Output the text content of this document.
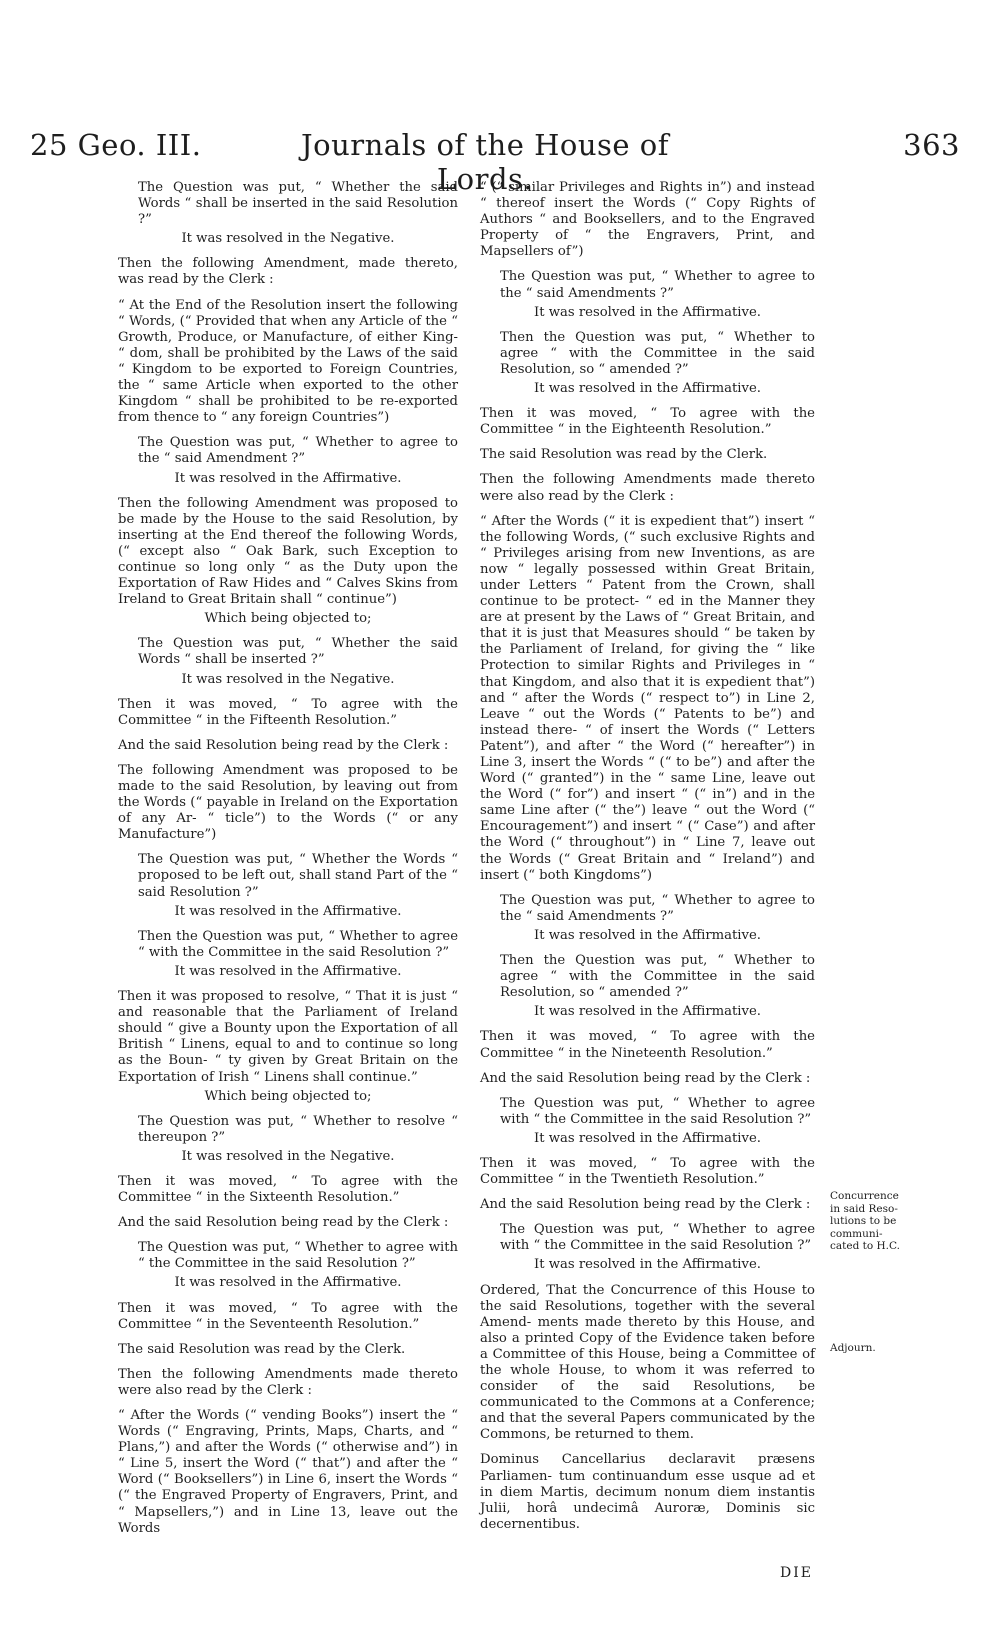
25 Geo. III.	Journals of the House of Lords.
363

The Question was put, “ Whether the said Words “ shall be inserted in the said Resolution ?”

It was resolved in the Negative.

Then the following Amendment, made thereto, was read by the Clerk :

“ At the End of the Resolution insert the following “ Words, (“ Provided that when any Article of the “ Growth, Produce, or Manufacture, of either King- “ dom, shall be prohibited by the Laws of the said “ Kingdom to be exported to Foreign Countries, the “ same Article when exported to the other Kingdom “ shall be prohibited to be re-exported from thence to “ any foreign Countries”)

The Question was put, “ Whether to agree to the “ said Amendment ?”

It was resolved in the Affirmative.

Then the following Amendment was proposed to be made by the House to the said Resolution, by inserting at the End thereof the following Words, (“ except also “ Oak Bark, such Exception to continue so long only “ as the Duty upon the Exportation of Raw Hides and “ Calves Skins from Ireland to Great Britain shall “ continue”)

Which being objected to;

The Question was put, “ Whether the said Words “ shall be inserted ?”

It was resolved in the Negative.

Then it was moved, “ To agree with the Committee “ in the Fifteenth Resolution.”

And the said Resolution being read by the Clerk :

The following Amendment was proposed to be made to the said Resolution, by leaving out from the Words (“ payable in Ireland on the Exportation of any Ar- “ ticle”) to the Words (“ or any Manufacture”)

The Question was put, “ Whether the Words “ proposed to be left out, shall stand Part of the “ said Resolution ?”

It was resolved in the Affirmative.

Then the Question was put, “ Whether to agree “ with the Committee in the said Resolution ?”

It was resolved in the Affirmative.

Then it was proposed to resolve, “ That it is just “ and reasonable that the Parliament of Ireland should “ give a Bounty upon the Exportation of all British “ Linens, equal to and to continue so long as the Boun- “ ty given by Great Britain on the Exportation of Irish “ Linens shall continue.”

Which being objected to;

The Question was put, “ Whether to resolve “ thereupon ?”

It was resolved in the Negative.

Then it was moved, “ To agree with the Committee “ in the Sixteenth Resolution.”

And the said Resolution being read by the Clerk :

The Question was put, “ Whether to agree with “ the Committee in the said Resolution ?”

It was resolved in the Affirmative.

Then it was moved, “ To agree with the Committee “ in the Seventeenth Resolution.”

The said Resolution was read by the Clerk.

Then the following Amendments made thereto were also read by the Clerk :

“ After the Words (“ vending Books”) insert the “ Words (“ Engraving, Prints, Maps, Charts, and “ Plans,”) and after the Words (“ otherwise and”) in “ Line 5, insert the Word (“ that”) and after the “ Word (“ Booksellers”) in Line 6, insert the Words “ (“ the Engraved Property of Engravers, Print, and “ Mapsellers,”) and in Line 13, leave out the Words

“ (“ similar Privileges and Rights in”) and instead “ thereof insert the Words (“ Copy Rights of Authors “ and Booksellers, and to the Engraved Property of “ the Engravers, Print, and Mapsellers of”)

The Question was put, “ Whether to agree to the “ said Amendments ?”

It was resolved in the Affirmative.

Then the Question was put, “ Whether to agree “ with the Committee in the said Resolution, so “ amended ?”

It was resolved in the Affirmative.

Then it was moved, “ To agree with the Committee “ in the Eighteenth Resolution.”

The said Resolution was read by the Clerk.

Then the following Amendments made thereto were also read by the Clerk :

“ After the Words (“ it is expedient that”) insert “ the following Words, (“ such exclusive Rights and “ Privileges arising from new Inventions, as are now “ legally possessed within Great Britain, under Letters “ Patent from the Crown, shall continue to be protect- “ ed in the Manner they are at present by the Laws of “ Great Britain, and that it is just that Measures should “ be taken by the Parliament of Ireland, for giving the “ like Protection to similar Rights and Privileges in “ that Kingdom, and also that it is expedient that”) and “ after the Words (“ respect to”) in Line 2, Leave “ out the Words (“ Patents to be”) and instead there- “ of insert the Words (“ Letters Patent”), and after “ the Word (“ hereafter”) in Line 3, insert the Words “ (“ to be”) and after the Word (“ granted”) in the “ same Line, leave out the Word (“ for”) and insert “ (“ in”) and in the same Line after (“ the”) leave “ out the Word (“ Encouragement”) and insert “ (“ Case”) and after the Word (“ throughout”) in “ Line 7, leave out the Words (“ Great Britain and “ Ireland”) and insert (“ both Kingdoms”)

The Question was put, “ Whether to agree to the “ said Amendments ?”

It was resolved in the Affirmative.

Then the Question was put, “ Whether to agree “ with the Committee in the said Resolution, so “ amended ?”

It was resolved in the Affirmative.

Then it was moved, “ To agree with the Committee “ in the Nineteenth Resolution.”

And the said Resolution being read by the Clerk :

The Question was put, “ Whether to agree with “ the Committee in the said Resolution ?”

It was resolved in the Affirmative.

Then it was moved, “ To agree with the Committee “ in the Twentieth Resolution.”

And the said Resolution being read by the Clerk :

The Question was put, “ Whether to agree with “ the Committee in the said Resolution ?”

It was resolved in the Affirmative.

Ordered, That the Concurrence of this House to the said Resolutions, together with the several Amend- ments made thereto by this House, and also a printed Copy of the Evidence taken before a Committee of this House, being a Committee of the whole House, to whom it was referred to consider of the said Resolutions, be communicated to the Commons at a Conference; and that the several Papers communicated by the Commons, be returned to them.

Dominus Cancellarius declaravit præsens Parliamen- tum continuandum esse usque ad et in diem Martis, decimum nonum diem instantis Julii, horâ undecimâ Auroræ, Dominis sic decernentibus.

Concurrence in said Reso- lutions to be communi- cated to H.C.
Adjourn.
DIE
